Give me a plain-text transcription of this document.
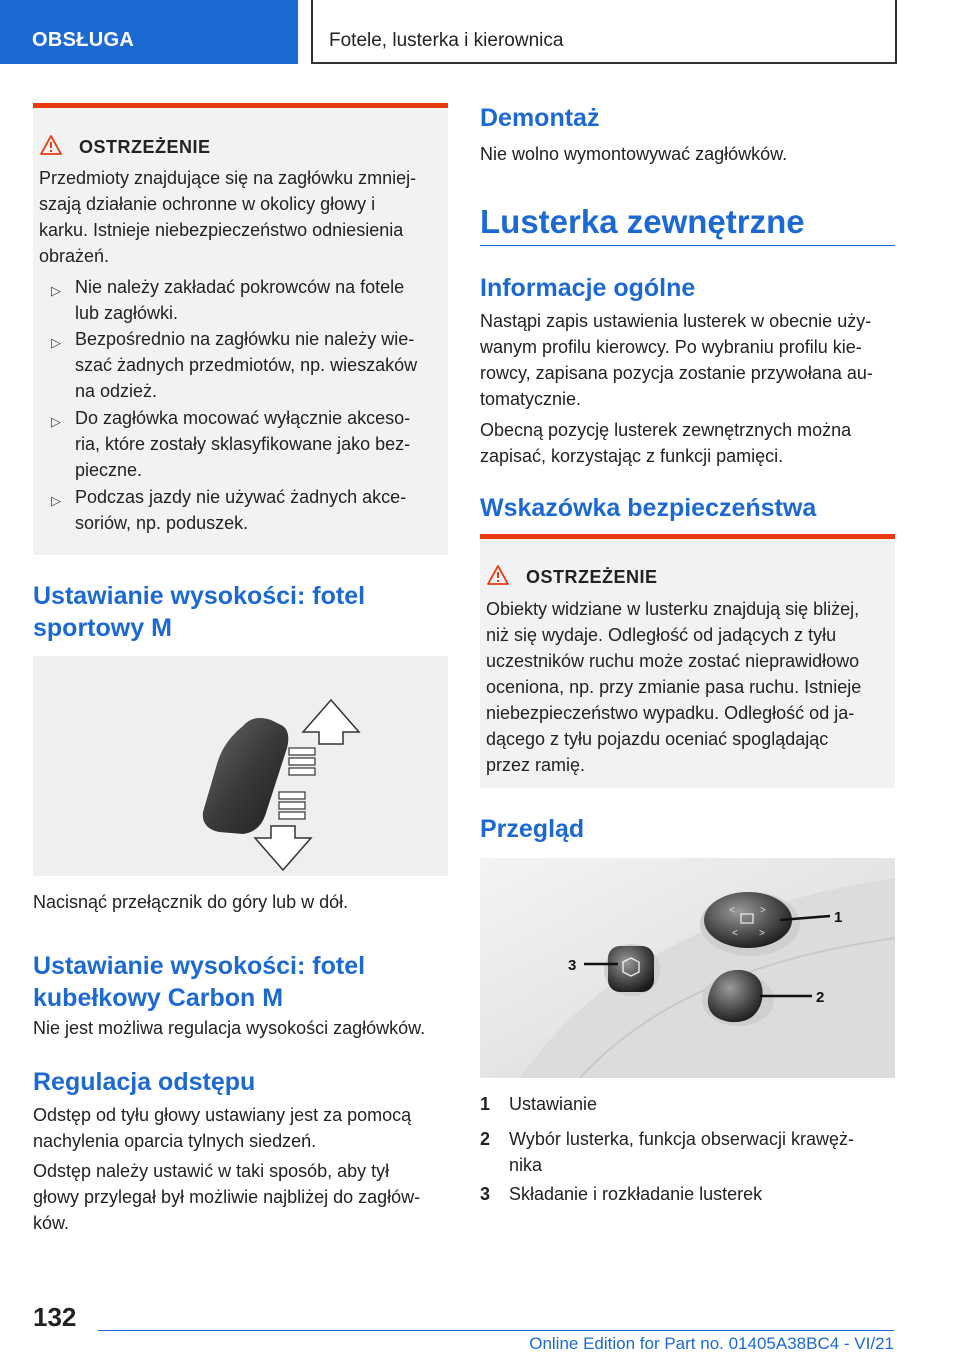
OBSŁUGA	Fotele, lusterka i kierownica
OSTRZEŻENIE
Przedmioty znajdujące się na zagłówku zmniej-
szają działanie ochronne w okolicy głowy i
karku. Istnieje niebezpieczeństwo odniesienia
obrażeń.
▷ Nie należy zakładać pokrowców na fotele
lub zagłówki.
▷ Bezpośrednio na zagłówku nie należy wie-
szać żadnych przedmiotów, np. wieszaków
na odzież.
▷ Do zagłówka mocować wyłącznie akceso-
ria, które zostały sklasyfikowane jako bez-
pieczne.
▷ Podczas jazdy nie używać żadnych akce-
soriów, np. poduszek.
Ustawianie wysokości: fotel
sportowy M
Nacisnąć przełącznik do góry lub w dół.
Ustawianie wysokości: fotel
kubełkowy Carbon M
Nie jest możliwa regulacja wysokości zagłówków.
Regulacja odstępu
Odstęp od tyłu głowy ustawiany jest za pomocą
nachylenia oparcia tylnych siedzeń.
Odstęp należy ustawić w taki sposób, aby tył
głowy przylegał był możliwie najbliżej do zagłów-
ków.
Demontaż
Nie wolno wymontowywać zagłówków.
Lusterka zewnętrzne
Informacje ogólne
Nastąpi zapis ustawienia lusterek w obecnie uży-
wanym profilu kierowcy. Po wybraniu profilu kie-
rowcy, zapisana pozycja zostanie przywołana au-
tomatycznie.
Obecną pozycję lusterek zewnętrznych można
zapisać, korzystając z funkcji pamięci.
Wskazówka bezpieczeństwa
OSTRZEŻENIE
Obiekty widziane w lusterku znajdują się bliżej,
niż się wydaje. Odległość od jadących z tyłu
uczestników ruchu może zostać nieprawidłowo
oceniona, np. przy zmianie pasa ruchu. Istnieje
niebezpieczeństwo wypadku. Odległość od ja-
dącego z tyłu pojazdu oceniać spoglądając
przez ramię.
Przegląd
<	>
< >
1
2
3
1 Ustawianie
2 Wybór lusterka, funkcja obserwacji krawęż-
nika
3 Składanie i rozkładanie lusterek
132
Online Edition for Part no. 01405A38BC4 - VI/21
